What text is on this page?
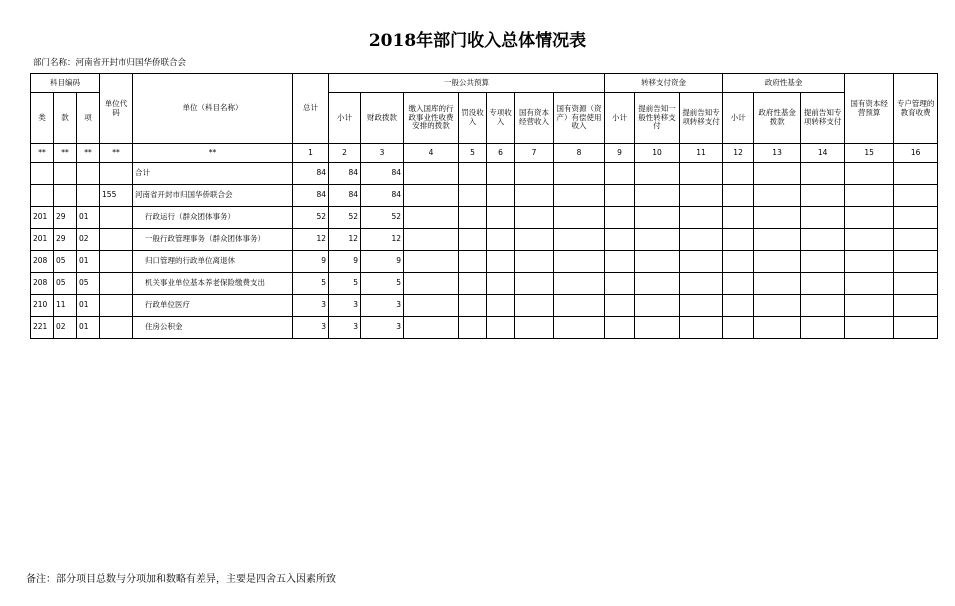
2018年部门收入总体情况表
部门名称：河南省开封市归国华侨联合会
科目编码			单位代码	单位（科目名称）	总计	一般公共预算							转移支付资金			政府性基金			国有资本经营预算	专户管理的教育收费
类	款	项				小计	财政拨款	缴入国库的行政事业性收费安排的拨款	罚没收入	专项收入	国有资本经营收入	国有资源（资产）有偿使用收入	小计	提前告知一般性转移支付	提前告知专项转移支付	小计	政府性基金拨款	提前告知专项转移支付		

**	**	**	**	**	1	2	3	4	5	6	7	8	9	10	11	12	13	14	15	16
				合计	84	84	84													
			155	河南省开封市归国华侨联合会	84	84	84													
201	29	01		行政运行（群众团体事务）	52	52	52													
201	29	02		一般行政管理事务（群众团体事务）	12	12	12													
208	05	01		归口管理的行政单位离退休	9	9	9													
208	05	05		机关事业单位基本养老保险缴费支出	5	5	5													
210	11	01		行政单位医疗	3	3	3													
221	02	01		住房公积金	3	3	3													
备注：部分项目总数与分项加和数略有差异，主要是四舍五入因素所致
